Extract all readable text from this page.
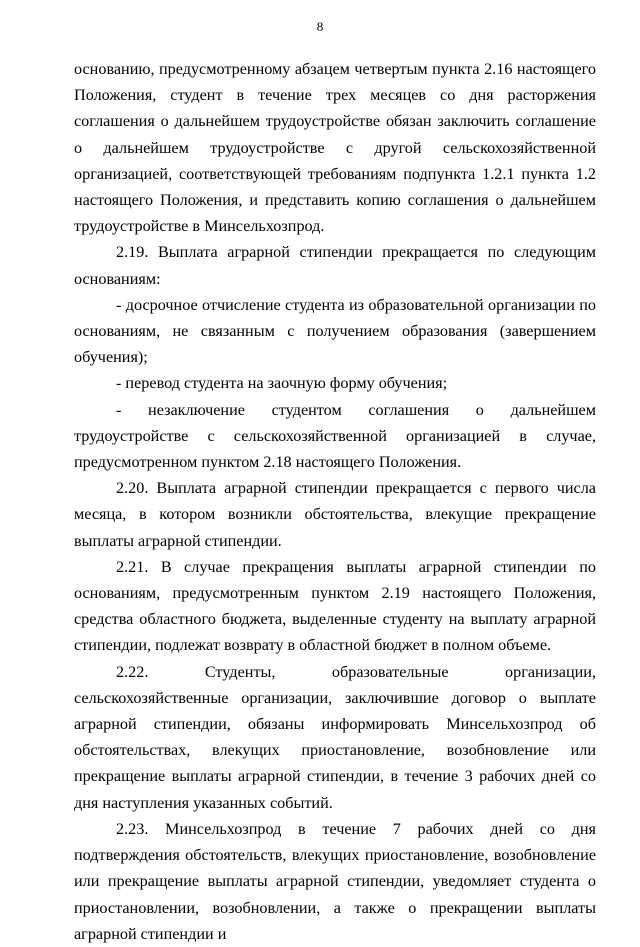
8

основанию, предусмотренному абзацем четвертым пункта 2.16 настоящего Положения, студент в течение трех месяцев со дня расторжения соглашения о дальнейшем трудоустройстве обязан заключить соглашение о дальнейшем трудоустройстве с другой сельскохозяйственной организацией, соответствующей требованиям подпункта 1.2.1 пункта 1.2 настоящего Положения, и представить копию соглашения о дальнейшем трудоустройстве в Минсельхозпрод.

2.19. Выплата аграрной стипендии прекращается по следующим основаниям:

- досрочное отчисление студента из образовательной организации по основаниям, не связанным с получением образования (завершением обучения);

- перевод студента на заочную форму обучения;

- незаключение студентом соглашения о дальнейшем трудоустройстве с сельскохозяйственной организацией в случае, предусмотренном пунктом 2.18 настоящего Положения.

2.20. Выплата аграрной стипендии прекращается с первого числа месяца, в котором возникли обстоятельства, влекущие прекращение выплаты аграрной стипендии.

2.21. В случае прекращения выплаты аграрной стипендии по основаниям, предусмотренным пунктом 2.19 настоящего Положения, средства областного бюджета, выделенные студенту на выплату аграрной стипендии, подлежат возврату в областной бюджет в полном объеме.

2.22. Студенты, образовательные организации, сельскохозяйственные организации, заключившие договор о выплате аграрной стипендии, обязаны информировать Минсельхозпрод об обстоятельствах, влекущих приостановление, возобновление или прекращение выплаты аграрной стипендии, в течение 3 рабочих дней со дня наступления указанных событий.

2.23. Минсельхозпрод в течение 7 рабочих дней со дня подтверждения обстоятельств, влекущих приостановление, возобновление или прекращение выплаты аграрной стипендии, уведомляет студента о приостановлении, возобновлении, а также о прекращении выплаты аграрной стипендии и
